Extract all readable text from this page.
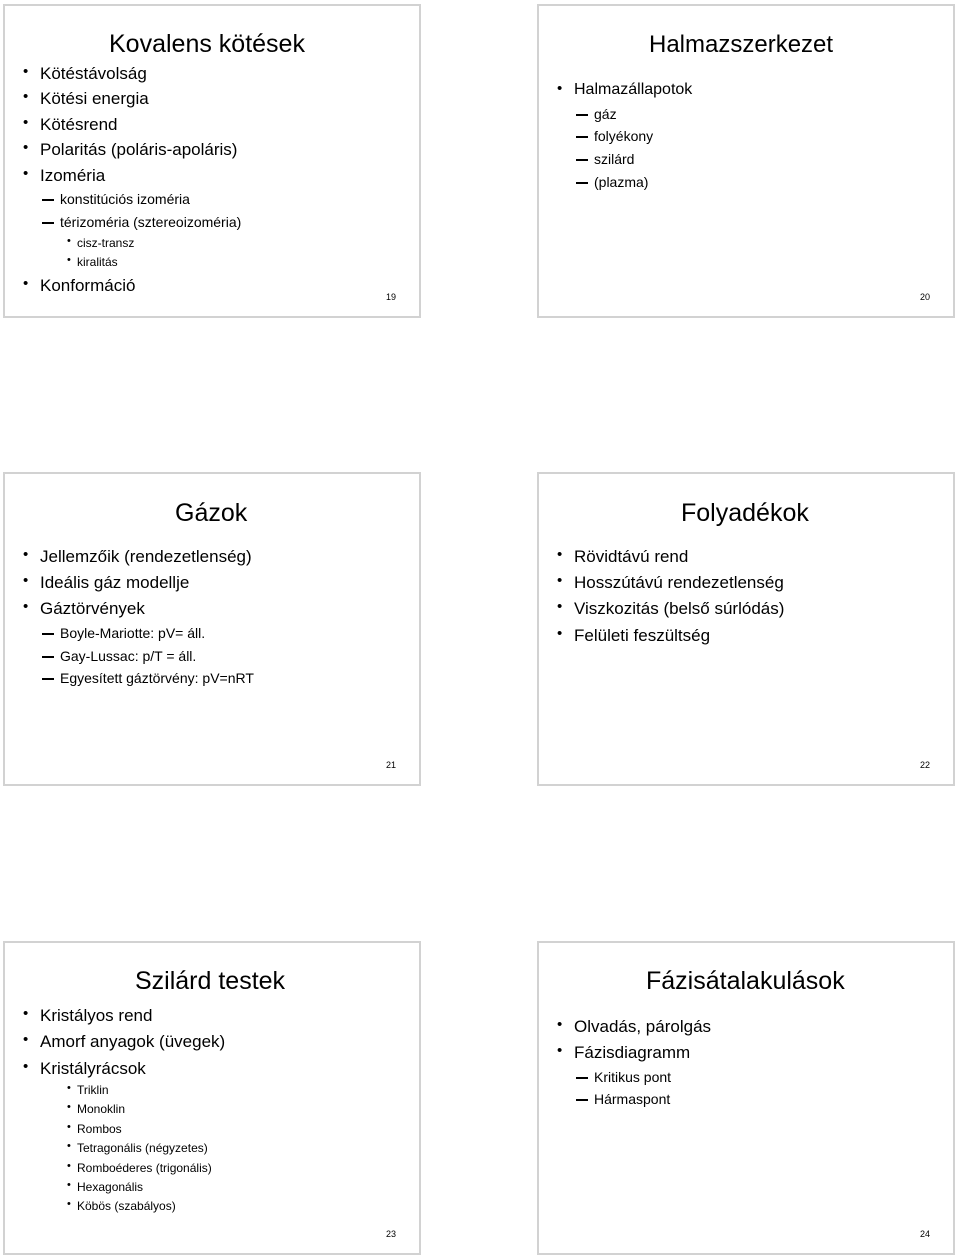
Kovalens kötések
• Kötéstávolság
• Kötési energia
• Kötésrend
• Polaritás (poláris-apoláris)
• Izoméria
konstitúciós izoméria
térizoméria (sztereoizoméria)
• cisz-transz
• kiralitás
• Konformáció
19
Halmazszerkezet
• Halmazállapotok
gáz
folyékony
szilárd
(plazma)
20
Gázok
• Jellemzőik (rendezetlenség)
• Ideális gáz modellje
• Gáztörvények
Boyle-Mariotte: pV= áll.
Gay-Lussac: p/T = áll.
Egyesített gáztörvény: pV=nRT
21
Folyadékok
• Rövidtávú rend
• Hosszútávú rendezetlenség
• Viszkozitás (belső súrlódás)
• Felületi feszültség
22
Szilárd testek
• Kristályos rend
• Amorf anyagok (üvegek)
• Kristályrácsok
• Triklin
• Monoklin
• Rombos
• Tetragonális (négyzetes)
• Romboéderes (trigonális)
• Hexagonális
• Köbös (szabályos)
23
Fázisátalakulások
• Olvadás, párolgás
• Fázisdiagramm
Kritikus pont
Hármaspont
24
